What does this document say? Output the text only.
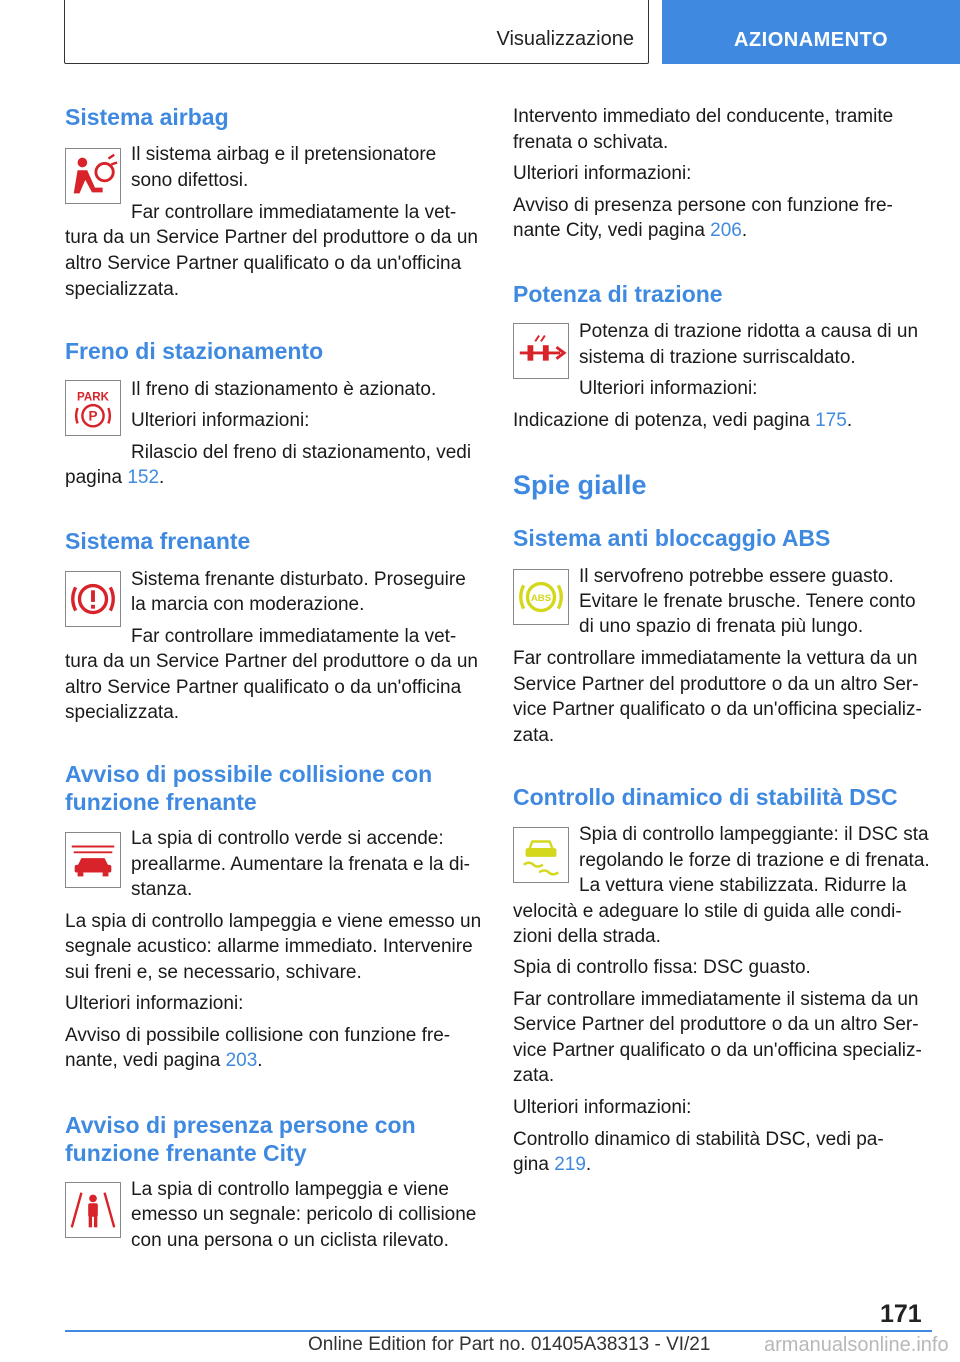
Visualizzazione	AZIONAMENTO
Sistema airbag
Il sistema airbag e il pretensionatore
sono difettosi.
Far controllare immediatamente la vet-
tura da un Service Partner del produttore o da un
altro Service Partner qualificato o da un'officina
specializzata.
Freno di stazionamento
PARK
P
Il freno di stazionamento è azionato.
Ulteriori informazioni:
Rilascio del freno di stazionamento, vedi
pagina 152.
Sistema frenante
Sistema frenante disturbato. Proseguire
la marcia con moderazione.
Far controllare immediatamente la vet-
tura da un Service Partner del produttore o da un
altro Service Partner qualificato o da un'officina
specializzata.
Avviso di possibile collisione con
funzione frenante
La spia di controllo verde si accende:
preallarme. Aumentare la frenata e la di-
stanza.
La spia di controllo lampeggia e viene emesso un
segnale acustico: allarme immediato. Intervenire
sui freni e, se necessario, schivare.
Ulteriori informazioni:
Avviso di possibile collisione con funzione fre-
nante, vedi pagina 203.
Avviso di presenza persone con
funzione frenante City
La spia di controllo lampeggia e viene
emesso un segnale: pericolo di collisione
con una persona o un ciclista rilevato.
Intervento immediato del conducente, tramite
frenata o schivata.
Ulteriori informazioni:
Avviso di presenza persone con funzione fre-
nante City, vedi pagina 206.
Potenza di trazione
Potenza di trazione ridotta a causa di un
sistema di trazione surriscaldato.
Ulteriori informazioni:
Indicazione di potenza, vedi pagina 175.
Spie gialle
Sistema anti bloccaggio ABS
ABS
Il servofreno potrebbe essere guasto.
Evitare le frenate brusche. Tenere conto
di uno spazio di frenata più lungo.
Far controllare immediatamente la vettura da un
Service Partner del produttore o da un altro Ser-
vice Partner qualificato o da un'officina specializ-
zata.
Controllo dinamico di stabilità DSC
Spia di controllo lampeggiante: il DSC sta
regolando le forze di trazione e di frenata.
La vettura viene stabilizzata. Ridurre la
velocità e adeguare lo stile di guida alle condi-
zioni della strada.
Spia di controllo fissa: DSC guasto.
Far controllare immediatamente il sistema da un
Service Partner del produttore o da un altro Ser-
vice Partner qualificato o da un'officina specializ-
zata.
Ulteriori informazioni:
Controllo dinamico di stabilità DSC, vedi pa-
gina 219.
171
Online Edition for Part no. 01405A38313 - VI/21	armanualsonline.info
